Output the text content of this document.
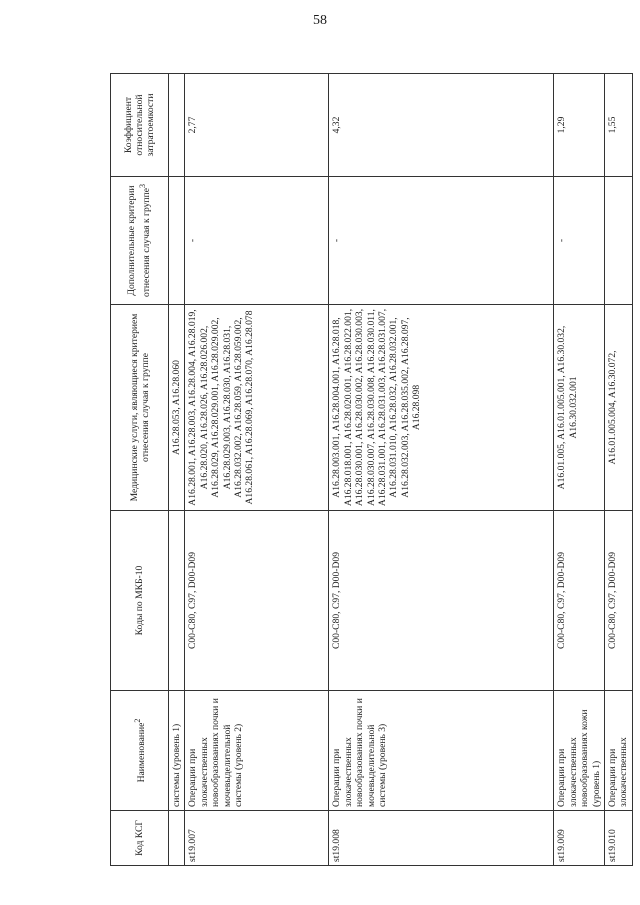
58
Код КСГ	Наименование$^2$	Коды по МКБ-10	Медицинские услуги, являющиеся критерием отнесения случая к группе	Дополнительные критерии отнесения случая к группе$^3$	Коэффициент относительной затратоемкости
	системы (уровень 1)		A16.28.053, A16.28.060		
st19.007	Операции при злокачественных новообразованиях почки и мочевыделительной системы (уровень 2)	C00-C80, C97, D00-D09	A16.28.001, A16.28.003, A16.28.004, A16.28.019, A16.28.020, A16.28.026, A16.28.026.002, A16.28.029, A16.28.029.001, A16.28.029.002, A16.28.029.003, A16.28.030, A16.28.031, A16.28.032.002, A16.28.059, A16.28.059.002, A16.28.061, A16.28.069, A16.28.070, A16.28.078	-	2,77
st19.008	Операции при злокачественных новообразованиях почки и мочевыделительной системы (уровень 3)	C00-C80, C97, D00-D09	A16.28.003.001, A16.28.004.001, A16.28.018, A16.28.018.001, A16.28.020.001, A16.28.022.001, A16.28.030.001, A16.28.030.002, A16.28.030.003, A16.28.030.007, A16.28.030.008, A16.28.030.011, A16.28.031.001, A16.28.031.003, A16.28.031.007, A16.28.031.010, A16.28.032, A16.28.032.001, A16.28.032.003, A16.28.035.002, A16.28.097, A16.28.098	-	4,32
st19.009	Операции при злокачественных новообразованиях кожи (уровень 1)	C00-C80, C97, D00-D09	A16.01.005, A16.01.005.001, A16.30.032, A16.30.032.001	-	1,29
st19.010	Операции при злокачественных	C00-C80, C97, D00-D09	A16.01.005.004, A16.30.072,		1,55
